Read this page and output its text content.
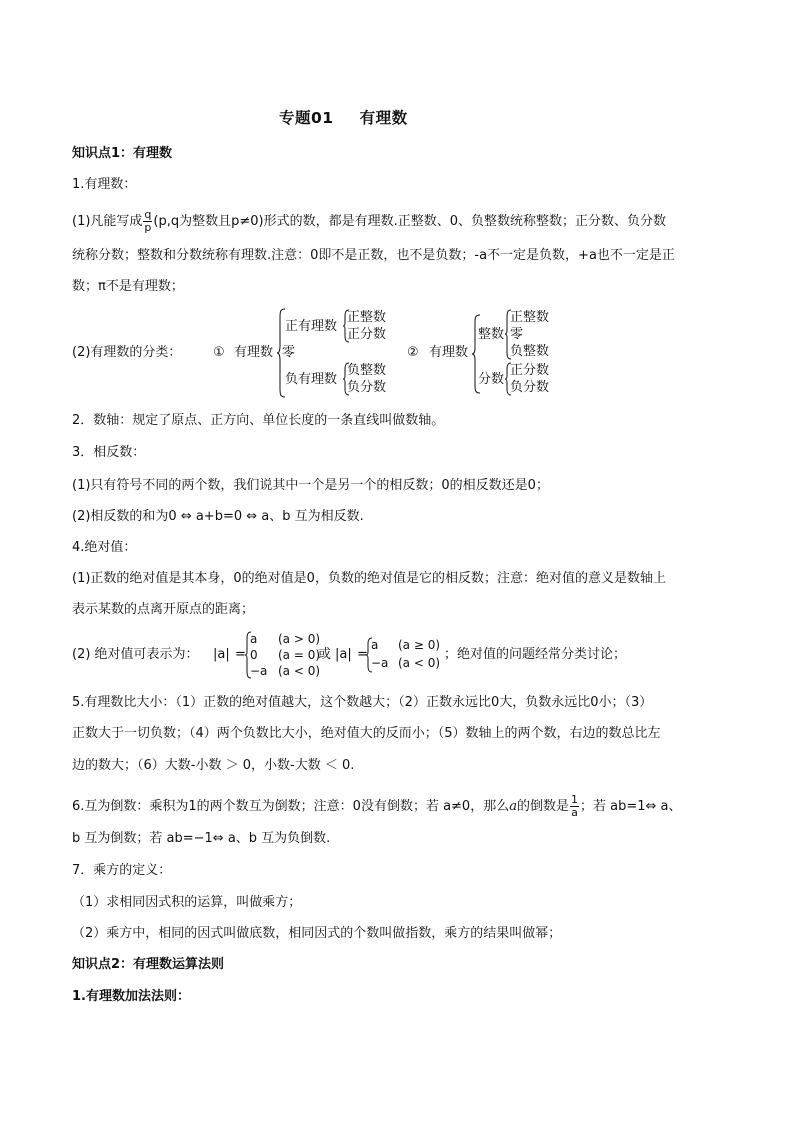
专题01 有理数
知识点1：有理数
1.有理数：
(1)凡能写成 $\frac{q}{p} (p,q$为整数且p≠0)形式的数，都是有理数.正整数、0、负整数统称整数；正分数、负分数
统称分数；整数和分数统称有理数.注意：0即不是正数，也不是负数；-a不一定是负数，+a也不一定是正
数；π不是有理数；
(2)有理数的分类： ① 有理数
正有理数
正整数
正分数
零
负有理数
负整数
负分数
② 有理数
整数
正整数
零
负整数
分数
正分数
负分数
2．数轴：规定了原点、正方向、单位长度的一条直线叫做数轴。
3．相反数：
(1)只有符号不同的两个数，我们说其中一个是另一个的相反数；0的相反数还是0；
(2)相反数的和为0 ⇔ a+b=0 ⇔ a、b 互为相反数.
4.绝对值：
(1)正数的绝对值是其本身，0的绝对值是0，负数的绝对值是它的相反数；注意：绝对值的意义是数轴上
表示某数的点离开原点的距离；
(2) 绝对值可表示为： |a| =
a
0
−a
(a > 0)
(a = 0)
(a < 0)
或 |a| =
a
−a
(a ≥ 0)
(a < 0)
；绝对值的问题经常分类讨论；
5.有理数比大小：（1）正数的绝对值越大，这个数越大；（2）正数永远比0大，负数永远比0小；（3）
正数大于一切负数；（4）两个负数比大小，绝对值大的反而小；（5）数轴上的两个数，右边的数总比左
边的数大；（6）大数-小数 ＞ 0，小数-大数 ＜ 0.
6.互为倒数：乘积为1的两个数互为倒数；注意：0没有倒数；若 a≠0，那么a的倒数是 $\frac{1}{a}$ ；若 ab=1⇔ a、
b 互为倒数；若 ab=−1⇔ a、b 互为负倒数.
7．乘方的定义：
（1）求相同因式积的运算，叫做乘方；
（2）乘方中，相同的因式叫做底数，相同因式的个数叫做指数，乘方的结果叫做幂；
知识点2：有理数运算法则
1.有理数加法法则：
